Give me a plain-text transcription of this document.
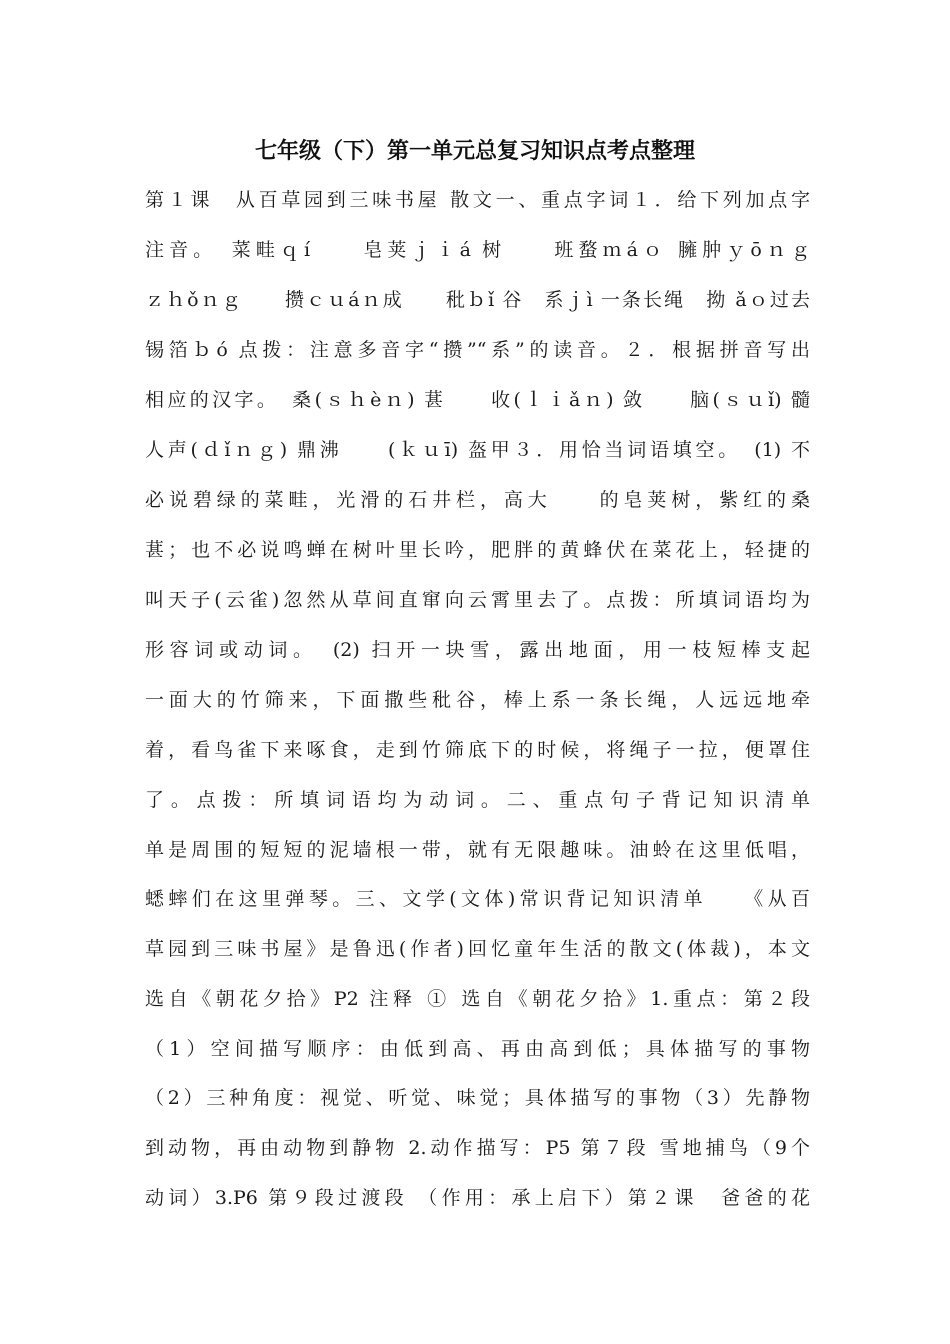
七年级（下）第一单元总复习知识点考点整理
第１课　从百草园到三味书屋 散文一、重点字词１．给下列加点字
注音。　菜畦ｑí　　皂荚ｊｉá 树　　班蝥ｍáｏ 臃肿ｙōｎｇ
ｚｈǒｎｇ　　攒ｃｕáｎ成　　秕ｂǐ 谷　系ｊì 一条长绳　拗 ǎｏ过去
锡箔ｂó 点拨：注意多音字“攒”“系”的读音。２．根据拼音写出
相应的汉字。　桑(ｓｈèｎ) 葚　　收(ｌｉǎｎ) 敛　　脑(ｓｕǐ) 髓
人声(ｄǐｎｇ) 鼎沸　　(ｋｕī) 盔甲３．用恰当词语填空。　(1) 不
必说碧绿的菜畦，光滑的石井栏，高大　　的皂荚树，紫红的桑
葚；也不必说鸣蝉在树叶里长吟，肥胖的黄蜂伏在菜花上，轻捷的
叫天子(云雀)忽然从草间直窜向云霄里去了。点拨：所填词语均为
形容词或动词。　(2) 扫开一块雪，露出地面，用一枝短棒支起
一面大的竹筛来，下面撒些秕谷，棒上系一条长绳，人远远地牵
着，看鸟雀下来啄食，走到竹筛底下的时候，将绳子一拉，便罩住
了。点拨：所填词语均为动词。二、重点句子背记知识清单
单是周围的短短的泥墙根一带，就有无限趣味。油蛉在这里低唱，
蟋蟀们在这里弹琴。三、文学(文体)常识背记知识清单　　《从百
草园到三味书屋》是鲁迅(作者)回忆童年生活的散文(体裁)，本文
选自《朝花夕拾》P2 注释 ① 选自《朝花夕拾》1.重点：第２段
（1）空间描写顺序：由低到高、再由高到低；具体描写的事物
（2）三种角度：视觉、听觉、味觉；具体描写的事物（3）先静物
到动物，再由动物到静物 2.动作描写：P5 第７段 雪地捕鸟（9个
动词）3.P6 第９段过渡段 （作用：承上启下）第２课　爸爸的花
